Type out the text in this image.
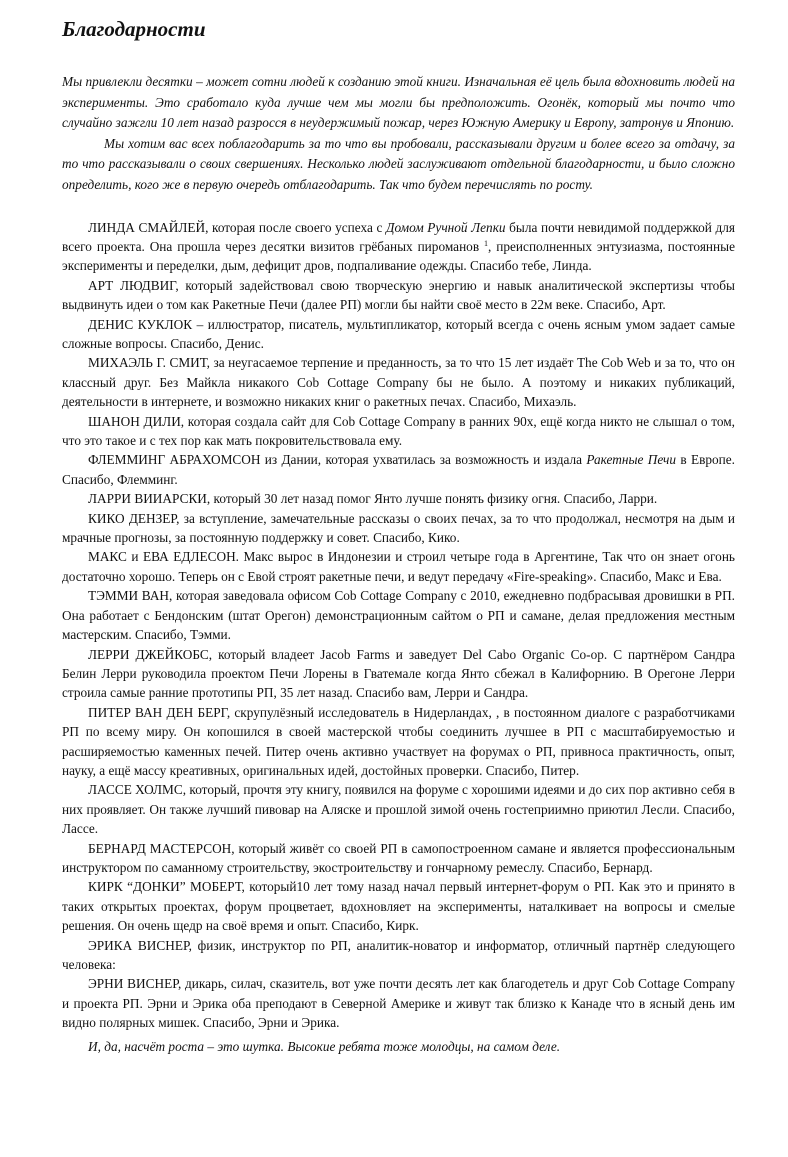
Благодарности

Мы привлекли десятки – может сотни людей к созданию этой книги. Изначальная её цель была вдохновить людей на эксперименты. Это сработало куда лучше чем мы могли бы предположить. Огонёк, который мы почто что случайно зажгли 10 лет назад разросся в неудержимый пожар, через Южную Америку и Европу, затронув и Японию.

Мы хотим вас всех поблагодарить за то что вы пробовали, рассказывали другим и более всего за отдачу, за то что рассказывали о своих свершениях. Несколько людей заслуживают отдельной благодарности, и было сложно определить, кого же в первую очередь отблагодарить. Так что будем перечислять по росту.

ЛИНДА СМАЙЛЕЙ, которая после своего успеха с Домом Ручной Лепки была почти невидимой поддержкой для всего проекта. Она прошла через десятки визитов грёбаных пироманов $^1$, преисполненных энтузиазма, постоянные эксперименты и переделки, дым, дефицит дров, подпаливание одежды. Спасибо тебе, Линда.

АРТ ЛЮДВИГ, который задействовал свою творческую энергию и навык аналитической экспертизы чтобы выдвинуть идеи о том как Ракетные Печи (далее РП) могли бы найти своё место в 22м веке. Спасибо, Арт.

ДЕНИС КУКЛОК – иллюстратор, писатель, мультипликатор, который всегда с очень ясным умом задает самые сложные вопросы. Спасибо, Денис.

МИХАЭЛЬ Г. СМИТ, за неугасаемое терпение и преданность, за то что 15 лет издаёт The Cob Web и за то, что он классный друг. Без Майкла никакого Cob Cottage Company бы не было. А поэтому и никаких публикаций, деятельности в интернете, и возможно никаких книг о ракетных печах. Спасибо, Михаэль.

ШАНОН ДИЛИ, которая создала сайт для Cob Cottage Company в ранних 90х, ещё когда никто не слышал о том, что это такое и с тех пор как мать покровительствовала ему.

ФЛЕММИНГ АБРАХОМСОН из Дании, которая ухватилась за возможность и издала Ракетные Печи в Европе. Спасибо, Флемминг.

ЛАРРИ ВИИАРСКИ, который 30 лет назад помог Янто лучше понять физику огня. Спасибо, Ларри.

КИКО ДЕНЗЕР, за вступление, замечательные рассказы о своих печах, за то что продолжал, несмотря на дым и мрачные прогнозы, за постоянную поддержку и совет. Спасибо, Кико.

МАКС и ЕВА ЕДЛЕСОН. Макс вырос в Индонезии и строил четыре года в Аргентине, Так что он знает огонь достаточно хорошо. Теперь он с Евой строят ракетные печи, и ведут передачу «Fire-speaking». Спасибо, Макс и Ева.

ТЭММИ ВАН, которая заведовала офисом Cob Cottage Company с 2010, ежедневно подбрасывая дровишки в РП. Она работает с Бендонским (штат Орегон) демонстрационным сайтом о РП и самане, делая предложения местным мастерским. Спасибо, Тэмми.

ЛЕРРИ ДЖЕЙКОБС, который владеет Jacob Farms и заведует Del Cabo Organic Co-op. С партнёром Сандра Белин Лерри руководила проектом Печи Лорены в Гватемале когда Янто сбежал в Калифорнию. В Орегоне Лерри строила самые ранние прототипы РП, 35 лет назад. Спасибо вам, Лерри и Сандра.

ПИТЕР ВАН ДЕН БЕРГ, скрупулёзный исследователь в Нидерландах, , в постоянном диалоге с разработчиками РП по всему миру. Он копошился в своей мастерской чтобы соединить лучшее в РП с масштабируемостью и расширяемостью каменных печей. Питер очень активно участвует на форумах о РП, привноса практичность, опыт, науку, а ещё массу креативных, оригинальных идей, достойных проверки. Спасибо, Питер.

ЛАССЕ ХОЛМС, который, прочтя эту книгу, появился на форуме с хорошими идеями и до сих пор активно себя в них проявляет. Он также лучший пивовар на Аляске и прошлой зимой очень гостеприимно приютил Лесли. Спасибо, Лассе.

БЕРНАРД МАСТЕРСОН, который живёт со своей РП в самопостроенном самане и является профессиональным инструктором по саманному строительству, экостроительству и гончарному ремеслу. Спасибо, Бернард.

КИРК “ДОНКИ” МОБЕРТ, который10 лет тому назад начал первый интернет-форум о РП. Как это и принято в таких открытых проектах, форум процветает, вдохновляет на эксперименты, наталкивает на вопросы и смелые решения. Он очень щедр на своё время и опыт. Спасибо, Кирк.

ЭРИКА ВИСНЕР, физик, инструктор по РП, аналитик-новатор и информатор, отличный партнёр следующего человека:

ЭРНИ ВИСНЕР, дикарь, силач, сказитель, вот уже почти десять лет как благодетель и друг Cob Cottage Company и проекта РП. Эрни и Эрика оба преподают в Северной Америке и живут так близко к Канаде что в ясный день им видно полярных мишек. Спасибо, Эрни и Эрика.

И, да, насчёт роста – это шутка. Высокие ребята тоже молодцы, на самом деле.
